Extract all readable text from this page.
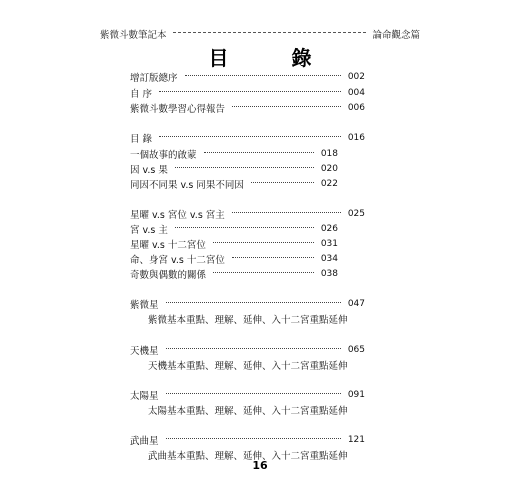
紫微斗數筆記本	論命觀念篇
目 錄
增訂版總序	002
自 序	004
紫微斗數學習心得報告	006
目 錄	016
一個故事的啟蒙	018
因 v.s 果	020
同因不同果 v.s 同果不同因	022
星曜 v.s 宮位 v.s 宮主	025
宮 v.s 主	026
星曜 v.s 十二宮位	031
命、身宮 v.s 十二宮位	034
奇數與偶數的關係	038
紫微星	047
紫微基本重點、理解、延伸、入十二宮重點延伸
天機星	065
天機基本重點、理解、延伸、入十二宮重點延伸
太陽星	091
太陽基本重點、理解、延伸、入十二宮重點延伸
武曲星	121
武曲基本重點、理解、延伸、入十二宮重點延伸
16
